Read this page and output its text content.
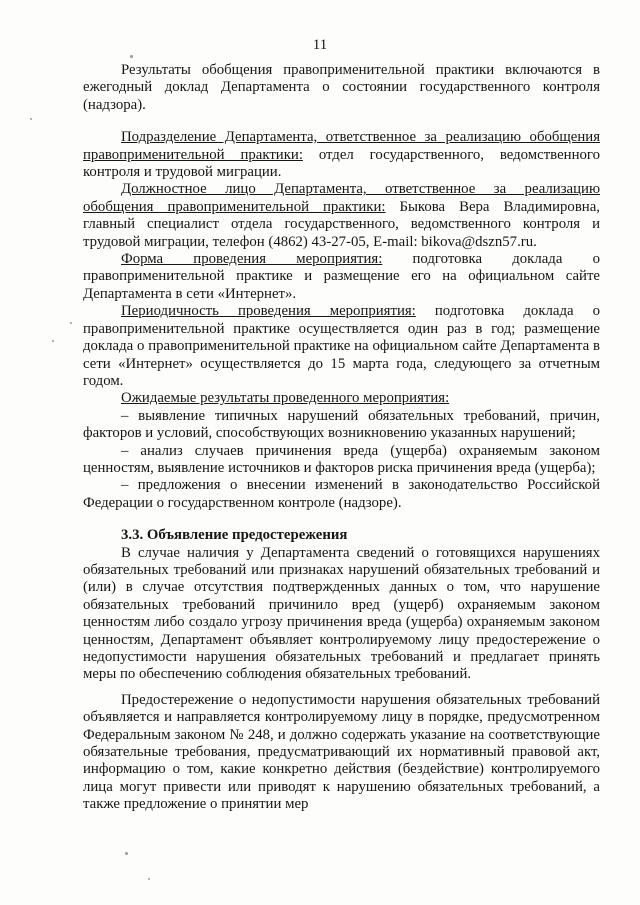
11

Результаты обобщения правоприменительной практики включаются в ежегодный доклад Департамента о состоянии государственного контроля (надзора).

Подразделение Департамента, ответственное за реализацию обобщения правоприменительной практики: отдел государственного, ведомственного контроля и трудовой миграции.

Должностное лицо Департамента, ответственное за реализацию обобщения правоприменительной практики: Быкова Вера Владимировна, главный специалист отдела государственного, ведомственного контроля и трудовой миграции, телефон (4862) 43-27-05, E-mail: bikova@dszn57.ru.

Форма проведения мероприятия: подготовка доклада о правоприменительной практике и размещение его на официальном сайте Департамента в сети «Интернет».

Периодичность проведения мероприятия: подготовка доклада о правоприменительной практике осуществляется один раз в год; размещение доклада о правоприменительной практике на официальном сайте Департамента в сети «Интернет» осуществляется до 15 марта года, следующего за отчетным годом.

Ожидаемые результаты проведенного мероприятия:

– выявление типичных нарушений обязательных требований, причин, факторов и условий, способствующих возникновению указанных нарушений;

– анализ случаев причинения вреда (ущерба) охраняемым законом ценностям, выявление источников и факторов риска причинения вреда (ущерба);

– предложения о внесении изменений в законодательство Российской Федерации о государственном контроле (надзоре).

3.3. Объявление предостережения

В случае наличия у Департамента сведений о готовящихся нарушениях обязательных требований или признаках нарушений обязательных требований и (или) в случае отсутствия подтвержденных данных о том, что нарушение обязательных требований причинило вред (ущерб) охраняемым законом ценностям либо создало угрозу причинения вреда (ущерба) охраняемым законом ценностям, Департамент объявляет контролируемому лицу предостережение о недопустимости нарушения обязательных требований и предлагает принять меры по обеспечению соблюдения обязательных требований.

Предостережение о недопустимости нарушения обязательных требований объявляется и направляется контролируемому лицу в порядке, предусмотренном Федеральным законом № 248, и должно содержать указание на соответствующие обязательные требования, предусматривающий их нормативный правовой акт, информацию о том, какие конкретно действия (бездействие) контролируемого лица могут привести или приводят к нарушению обязательных требований, а также предложение о принятии мер
